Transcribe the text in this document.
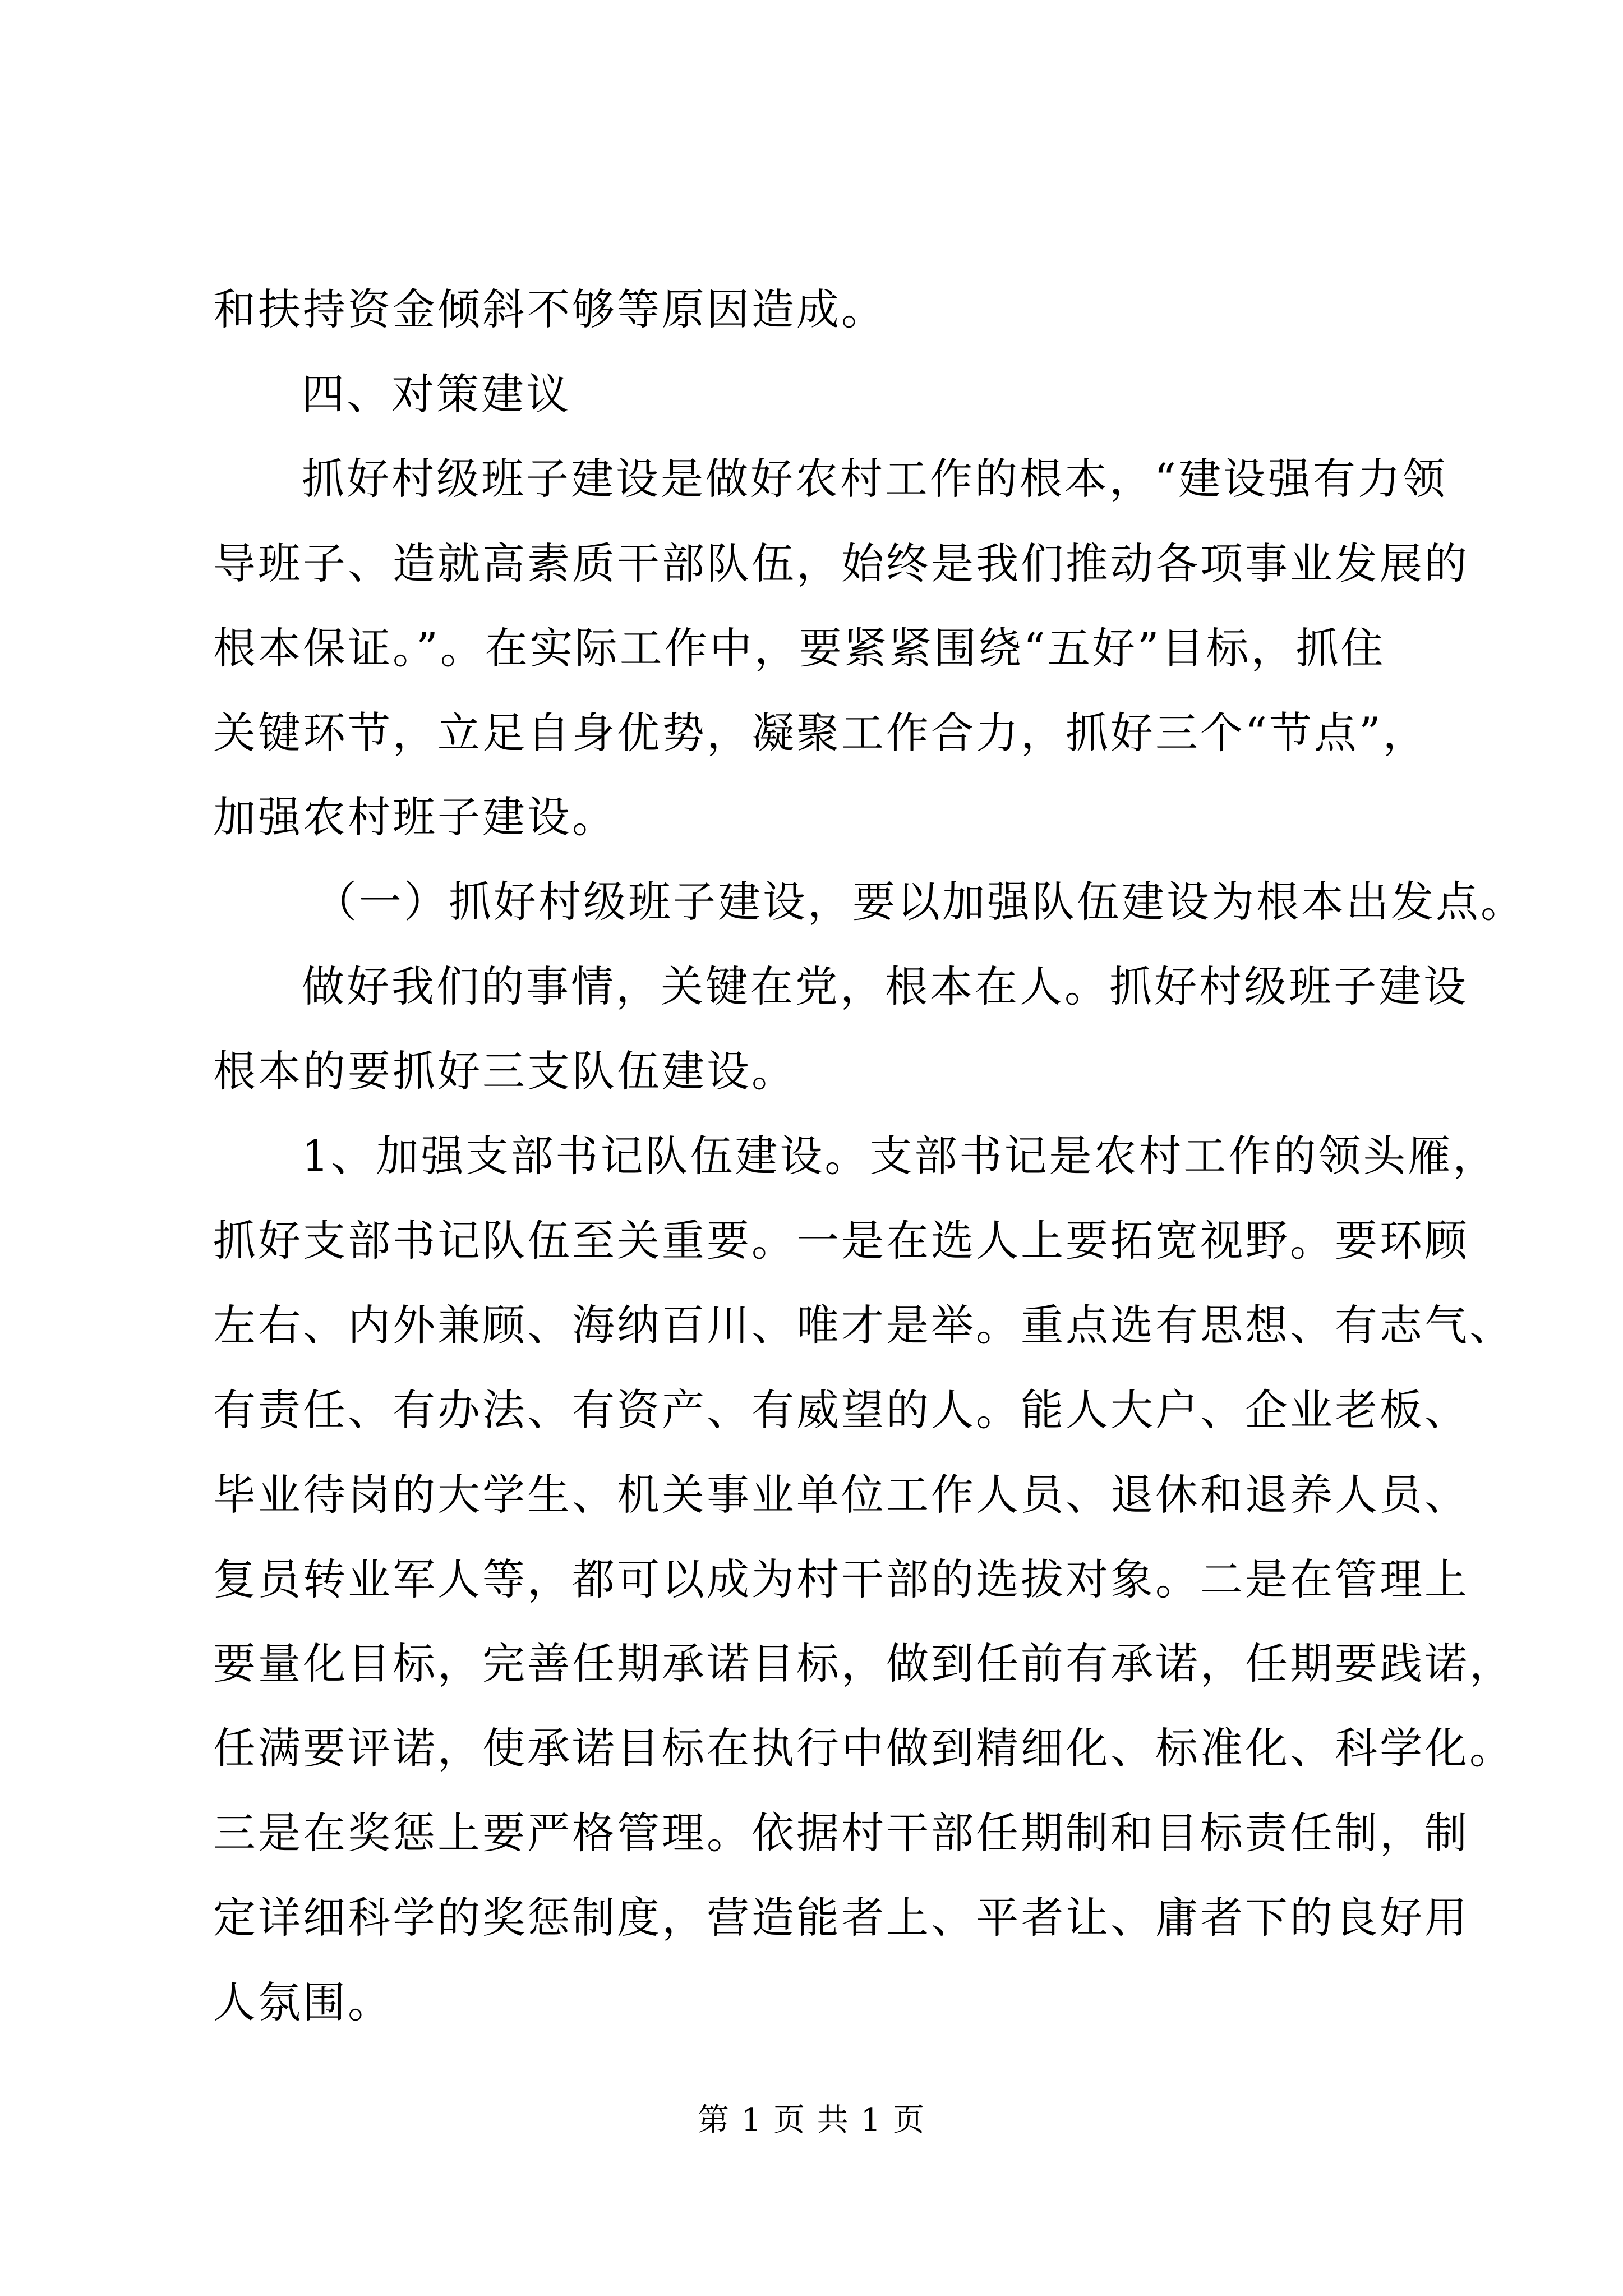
和扶持资金倾斜不够等原因造成。
四、对策建议
抓好村级班子建设是做好农村工作的根本，“建设强有力领
导班子、造就高素质干部队伍，始终是我们推动各项事业发展的
根本保证。”。在实际工作中，要紧紧围绕“五好”目标，抓住
关键环节，立足自身优势，凝聚工作合力，抓好三个“节点”，
加强农村班子建设。
（一）抓好村级班子建设，要以加强队伍建设为根本出发点。
做好我们的事情，关键在党，根本在人。抓好村级班子建设
根本的要抓好三支队伍建设。
1、加强支部书记队伍建设。支部书记是农村工作的领头雁，
抓好支部书记队伍至关重要。一是在选人上要拓宽视野。要环顾
左右、内外兼顾、海纳百川、唯才是举。重点选有思想、有志气、
有责任、有办法、有资产、有威望的人。能人大户、企业老板、
毕业待岗的大学生、机关事业单位工作人员、退休和退养人员、
复员转业军人等，都可以成为村干部的选拔对象。二是在管理上
要量化目标，完善任期承诺目标，做到任前有承诺，任期要践诺，
任满要评诺，使承诺目标在执行中做到精细化、标准化、科学化。
三是在奖惩上要严格管理。依据村干部任期制和目标责任制，制
定详细科学的奖惩制度，营造能者上、平者让、庸者下的良好用
人氛围。
第 1 页 共 1 页
